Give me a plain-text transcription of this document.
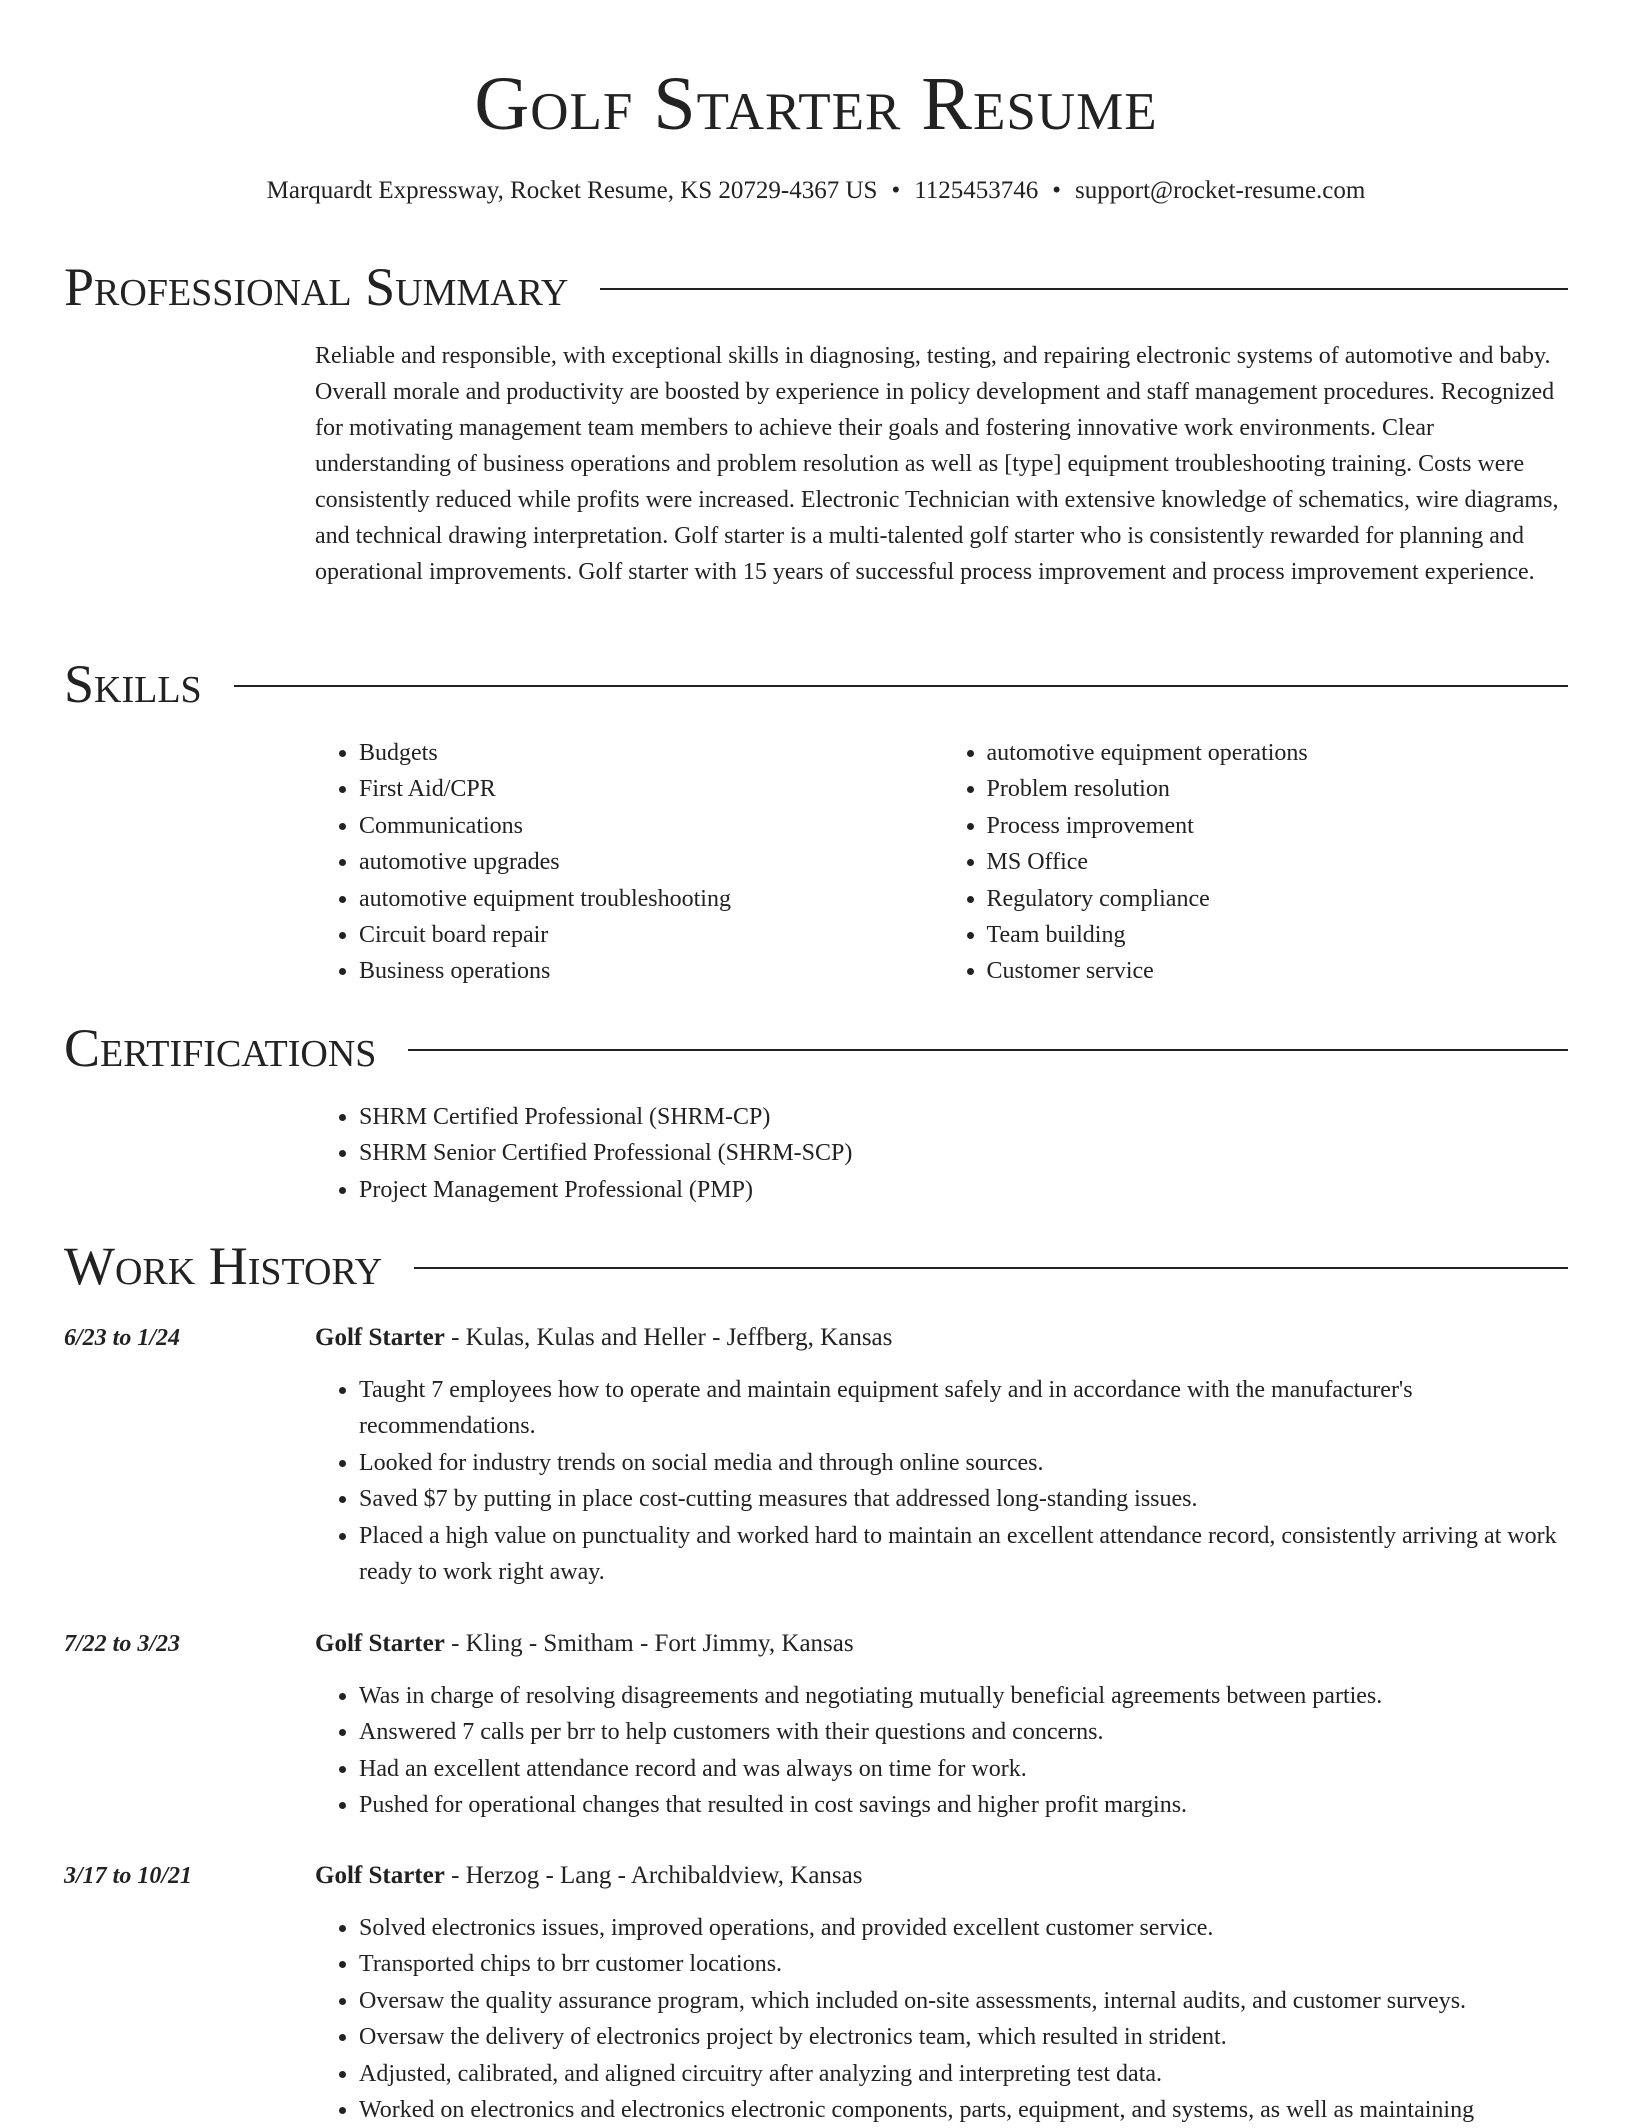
Golf Starter Resume
Marquardt Expressway, Rocket Resume, KS 20729-4367 US • 1125453746 • support@rocket-resume.com
Professional Summary

Reliable and responsible, with exceptional skills in diagnosing, testing, and repairing electronic systems of automotive and baby. Overall morale and productivity are boosted by experience in policy development and staff management procedures. Recognized for motivating management team members to achieve their goals and fostering innovative work environments. Clear understanding of business operations and problem resolution as well as [type] equipment troubleshooting training. Costs were consistently reduced while profits were increased. Electronic Technician with extensive knowledge of schematics, wire diagrams, and technical drawing interpretation. Golf starter is a multi-talented golf starter who is consistently rewarded for planning and operational improvements. Golf starter with 15 years of successful process improvement and process improvement experience.

Skills
• Budgets
• First Aid/CPR
• Communications
• automotive upgrades
• automotive equipment troubleshooting
• Circuit board repair
• Business operations
• automotive equipment operations
• Problem resolution
• Process improvement
• MS Office
• Regulatory compliance
• Team building
• Customer service
Certifications
• SHRM Certified Professional (SHRM-CP)
• SHRM Senior Certified Professional (SHRM-SCP)
• Project Management Professional (PMP)
Work History
6/23 to 1/24	Golf Starter - Kulas, Kulas and Heller - Jeffberg, Kansas
• Taught 7 employees how to operate and maintain equipment safely and in accordance with the manufacturer's recommendations.
• Looked for industry trends on social media and through online sources.
• Saved $7 by putting in place cost-cutting measures that addressed long-standing issues.
• Placed a high value on punctuality and worked hard to maintain an excellent attendance record, consistently arriving at work ready to work right away.
7/22 to 3/23	Golf Starter - Kling - Smitham - Fort Jimmy, Kansas
• Was in charge of resolving disagreements and negotiating mutually beneficial agreements between parties.
• Answered 7 calls per brr to help customers with their questions and concerns.
• Had an excellent attendance record and was always on time for work.
• Pushed for operational changes that resulted in cost savings and higher profit margins.
3/17 to 10/21	Golf Starter - Herzog - Lang - Archibaldview, Kansas
• Solved electronics issues, improved operations, and provided excellent customer service.
• Transported chips to brr customer locations.
• Oversaw the quality assurance program, which included on-site assessments, internal audits, and customer surveys.
• Oversaw the delivery of electronics project by electronics team, which resulted in strident.
• Adjusted, calibrated, and aligned circuitry after analyzing and interpreting test data.
• Worked on electronics and electronics electronic components, parts, equipment, and systems, as well as maintaining
